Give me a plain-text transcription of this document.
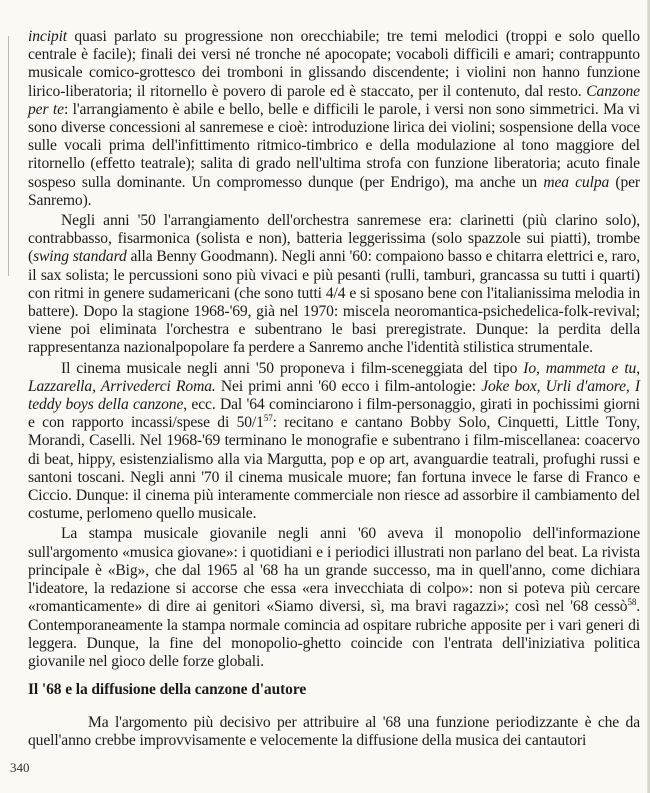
incipit quasi parlato su progressione non orecchiabile; tre temi melodici (troppi e solo quello centrale è facile); finali dei versi né tronche né apocopate; vocaboli difficili e amari; contrappunto musicale comico-grottesco dei tromboni in glissando discendente; i violini non hanno funzione lirico-liberatoria; il ritornello è povero di parole ed è staccato, per il contenuto, dal resto. Canzone per te: l'arrangiamento è abile e bello, belle e difficili le parole, i versi non sono simmetrici. Ma vi sono diverse concessioni al sanremese e cioè: introduzione lirica dei violini; sospensione della voce sulle vocali prima dell'infittimento ritmico-timbrico e della modulazione al tono maggiore del ritornello (effetto teatrale); salita di grado nell'ultima strofa con funzione liberatoria; acuto finale sospeso sulla dominante. Un compromesso dunque (per Endrigo), ma anche un mea culpa (per Sanremo).

Negli anni '50 l'arrangiamento dell'orchestra sanremese era: clarinetti (più clarino solo), contrabbasso, fisarmonica (solista e non), batteria leggerissima (solo spazzole sui piatti), trombe (swing standard alla Benny Goodmann). Negli anni '60: compaiono basso e chitarra elettrici e, raro, il sax solista; le percussioni sono più vivaci e più pesanti (rulli, tamburi, grancassa su tutti i quarti) con ritmi in genere sudamericani (che sono tutti 4/4 e si sposano bene con l'italianissima melodia in battere). Dopo la stagione 1968-'69, già nel 1970: miscela neoromantica-psichedelica-folk-revival; viene poi eliminata l'orchestra e subentrano le basi preregistrate. Dunque: la perdita della rappresentanza nazionalpopolare fa perdere a Sanremo anche l'identità stilistica strumentale.

Il cinema musicale negli anni '50 proponeva i film-sceneggiata del tipo Io, mammeta e tu, Lazzarella, Arrivederci Roma. Nei primi anni '60 ecco i film-antologie: Joke box, Urli d'amore, I teddy boys della canzone, ecc. Dal '64 cominciarono i film-personaggio, girati in pochissimi giorni e con rapporto incassi/spese di $50/1^{57}$: recitano e cantano Bobby Solo, Cinquetti, Little Tony, Morandi, Caselli. Nel 1968-'69 terminano le monografie e subentrano i film-miscellanea: coacervo di beat, hippy, esistenzialismo alla via Margutta, pop e op art, avanguardie teatrali, profughi russi e santoni toscani. Negli anni '70 il cinema musicale muore; fan fortuna invece le farse di Franco e Ciccio. Dunque: il cinema più interamente commerciale non riesce ad assorbire il cambiamento del costume, perlomeno quello musicale.

La stampa musicale giovanile negli anni '60 aveva il monopolio dell'informazione sull'argomento «musica giovane»: i quotidiani e i periodici illustrati non parlano del beat. La rivista principale è «Big», che dal 1965 al '68 ha un grande successo, ma in quell'anno, come dichiara l'ideatore, la redazione si accorse che essa «era invecchiata di colpo»: non si poteva più cercare «romanticamente» di dire ai genitori «Siamo diversi, sì, ma bravi ragazzi»; così nel '68 cessò$^{58}$. Contemporaneamente la stampa normale comincia ad ospitare rubriche apposite per i vari generi di leggera. Dunque, la fine del monopolio-ghetto coincide con l'entrata dell'iniziativa politica giovanile nel gioco delle forze globali.

Il '68 e la diffusione della canzone d'autore

Ma l'argomento più decisivo per attribuire al '68 una funzione periodizzante è che da quell'anno crebbe improvvisamente e velocemente la diffusione della musica dei cantautori

340
